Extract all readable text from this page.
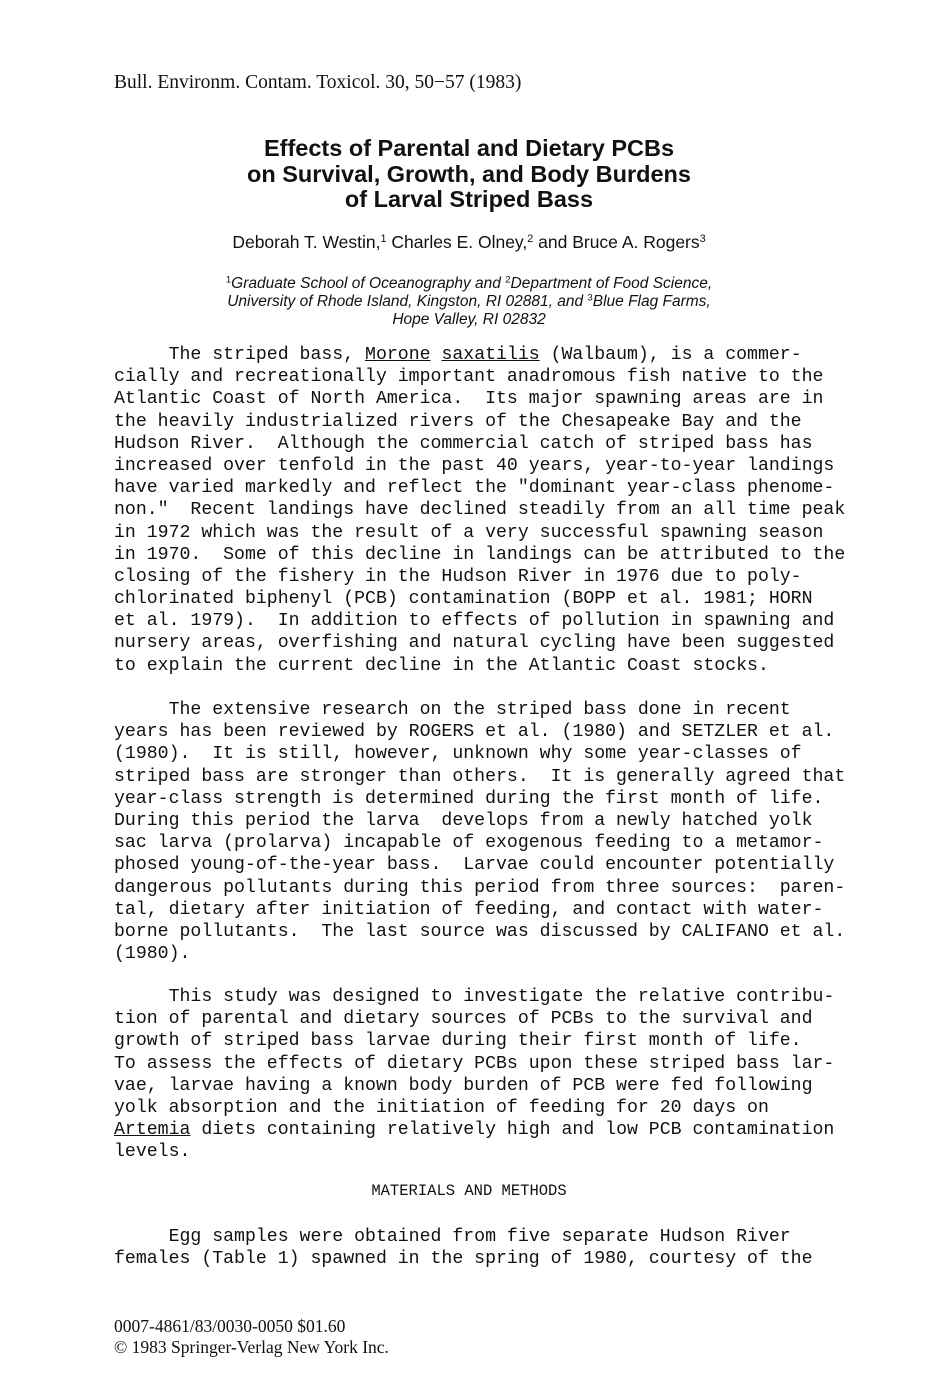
Bull. Environm. Contam. Toxicol. 30, 50−57 (1983)
Effects of Parental and Dietary PCBs
on Survival, Growth, and Body Burdens
of Larval Striped Bass
Deborah T. Westin,$^1$ Charles E. Olney,$^2$ and Bruce A. Rogers$^3$
$^1$Graduate School of Oceanography and $^2$Department of Food Science,
University of Rhode Island, Kingston, RI 02881, and $^3$Blue Flag Farms,
Hope Valley, RI 02832
The striped bass, Morone saxatilis (Walbaum), is a commer-
cially and recreationally important anadromous fish native to the
Atlantic Coast of North America.  Its major spawning areas are in
the heavily industrialized rivers of the Chesapeake Bay and the
Hudson River.  Although the commercial catch of striped bass has
increased over tenfold in the past 40 years, year-to-year landings
have varied markedly and reflect the "dominant year-class phenome-
non."  Recent landings have declined steadily from an all time peak
in 1972 which was the result of a very successful spawning season
in 1970.  Some of this decline in landings can be attributed to the
closing of the fishery in the Hudson River in 1976 due to poly-
chlorinated biphenyl (PCB) contamination (BOPP et al. 1981; HORN
et al. 1979).  In addition to effects of pollution in spawning and
nursery areas, overfishing and natural cycling have been suggested
to explain the current decline in the Atlantic Coast stocks.
The extensive research on the striped bass done in recent
years has been reviewed by ROGERS et al. (1980) and SETZLER et al.
(1980).  It is still, however, unknown why some year-classes of
striped bass are stronger than others.  It is generally agreed that
year-class strength is determined during the first month of life.
During this period the larva  develops from a newly hatched yolk
sac larva (prolarva) incapable of exogenous feeding to a metamor-
phosed young-of-the-year bass.  Larvae could encounter potentially
dangerous pollutants during this period from three sources:  paren-
tal, dietary after initiation of feeding, and contact with water-
borne pollutants.  The last source was discussed by CALIFANO et al.
(1980).
This study was designed to investigate the relative contribu-
tion of parental and dietary sources of PCBs to the survival and
growth of striped bass larvae during their first month of life.
To assess the effects of dietary PCBs upon these striped bass lar-
vae, larvae having a known body burden of PCB were fed following
yolk absorption and the initiation of feeding for 20 days on
Artemia diets containing relatively high and low PCB contamination
levels.
MATERIALS AND METHODS
Egg samples were obtained from five separate Hudson River
females (Table 1) spawned in the spring of 1980, courtesy of the
0007-4861/83/0030-0050 $01.60
© 1983 Springer-Verlag New York Inc.
